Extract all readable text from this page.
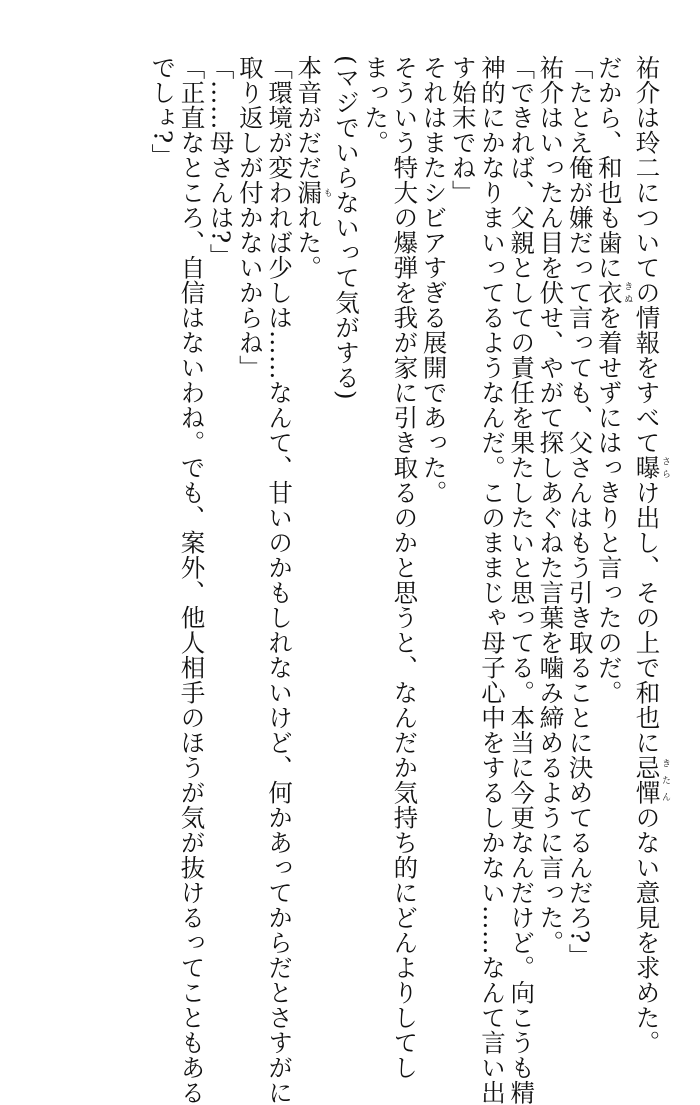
祐介は玲二についての情報をすべて曝さらけ出し、その上で和也に忌憚きたんのない意見を求めた。
だから、和也も歯に衣きぬを着せずにはっきりと言ったのだ。
「たとえ俺が嫌だって言っても、父さんはもう引き取ることに決めてるんだろ?」
祐介はいったん目を伏せ、やがて探しあぐねた言葉を噛み締めるように言った。
「できれば、父親としての責任を果たしたいと思ってる。本当に今更なんだけど。向こうも精
神的にかなりまいってるようなんだ。このままじゃ母子心中をするしかない……なんて言い出
す始末でね」
それはまたシビアすぎる展開であった。
そういう特大の爆弾を我が家に引き取るのかと思うと、なんだか気持ち的にどんよりしてし
まった。
(マジでいらないって気がする)
本音がだだ漏もれた。
「環境が変われば少しは……なんて、甘いのかもしれないけど、何かあってからだとさすがに
取り返しが付かないからね」
「……母さんは?」
「正直なところ、自信はないわね。でも、案外、他人相手のほうが気が抜けるってこともある
でしょ?」
